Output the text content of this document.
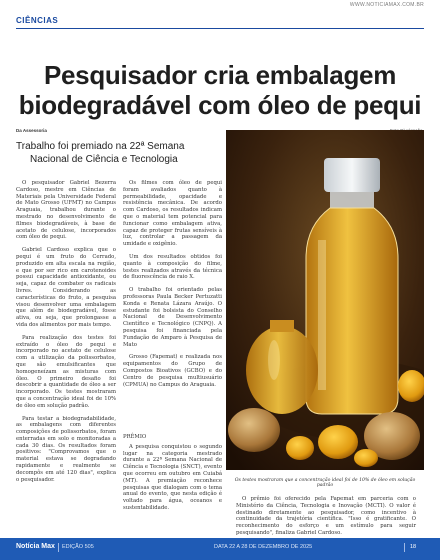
WWW.NOTICIAMAX.COM.BR
CIÊNCIAS
Pesquisador cria embalagem biodegradável com óleo de pequi
Da Assessoria
Trabalho foi premiado na 22ª Semana
Nacional de Ciência e Tecnologia

O pesquisador Gabriel Bezerra Cardoso, mestre em Ciências de Materiais pela Universidade Federal de Mato Grosso (UFMT) no Campus Araguaia, trabalhou durante o mestrado no desenvolvimento de filmes biodegradáveis, à base de acetato de celulose, incorporados com óleo de pequi.

Gabriel Cardoso explica que o pequi é um fruto do Cerrado, produzido em alta escala na região, e que por ser rico em carotenoides possui capacidade antioxidante, ou seja, capaz de combater os radicais livres. Considerando as características do fruto, a pesquisa visou desenvolver uma embalagem que além de biodegradável, fosse ativa, ou seja, que prolongasse a vida dos alimentos por mais tempo.

Para realização dos testes foi extraído o óleo do pequi e incorporado no acetato de celulose com a utilização da polissorbatos, que são emulsificantes que homogeneízam as misturas com óleo. O primeiro desafio foi descobrir a quantidade de óleo a ser incorporado. Os testes mostraram que a concentração ideal foi de 10% de óleo em solução padrão.

Para testar a biodegradabilidade, as embalagens com diferentes composições de polissorbatos, foram enterradas em solo e monitoradas a cada 30 dias. Os resultados foram positivos: "Comprovamos que o material estava se degradando rapidamente e realmente se decompôs em até 120 dias", explica o pesquisador.

Os filmes com óleo de pequi foram avaliados quanto à permeabilidade, opacidade e resistência mecânica. De acordo com Cardoso, os resultados indicam que o material tem potencial para funcionar como embalagem ativa, capaz de proteger frutas sensíveis à luz, controlar a passagem da umidade e oxigênio.

Um dos resultados obtidos foi quanto à composição do filme, testes realizados através da técnica de fluorescência de raio X.

O trabalho foi orientado pelas professoras Paula Becker Pertuzatti Konda e Renata Lázara Araújo. O estudante foi bolsista do Conselho Nacional de Desenvolvimento Científico e Tecnológico (CNPQ). A pesquisa foi financiada pela Fundação de Amparo à Pesquisa de Mato

Grosso (Fapemat) e realizada nos equipamentos do Grupo de Compostos Bioativos (GCBO) e do Centro de pesquisa multiusuário (CPMUA) no Campus do Araguaia.

PRÊMIO

A pesquisa conquistou o segundo lugar na categoria mestrado durante a 22ª Semana Nacional de Ciência e Tecnologia (SNCT), evento que ocorreu em outubro em Cuiabá (MT). A premiação reconhece pesquisas que dialogam com o tema anual do evento, que nesta edição é voltado para água, oceanos e sustentabilidade.

Os testes mostraram que a concentração ideal foi de 10% de óleo em solução padrão

O prêmio foi oferecido pela Fapemat em parceria com o Ministério da Ciência, Tecnologia e Inovação (MCTI). O valor é destinado diretamente ao pesquisador, como incentivo à continuidade da trajetória científica. "Isso é gratificante. O reconhecimento do esforço e um estímulo para seguir pesquisando", finaliza Gabriel Cardoso.

Notícia Max EDIÇÃO 505	DATA 22 A 28 DE DEZEMBRO DE 2025	18
